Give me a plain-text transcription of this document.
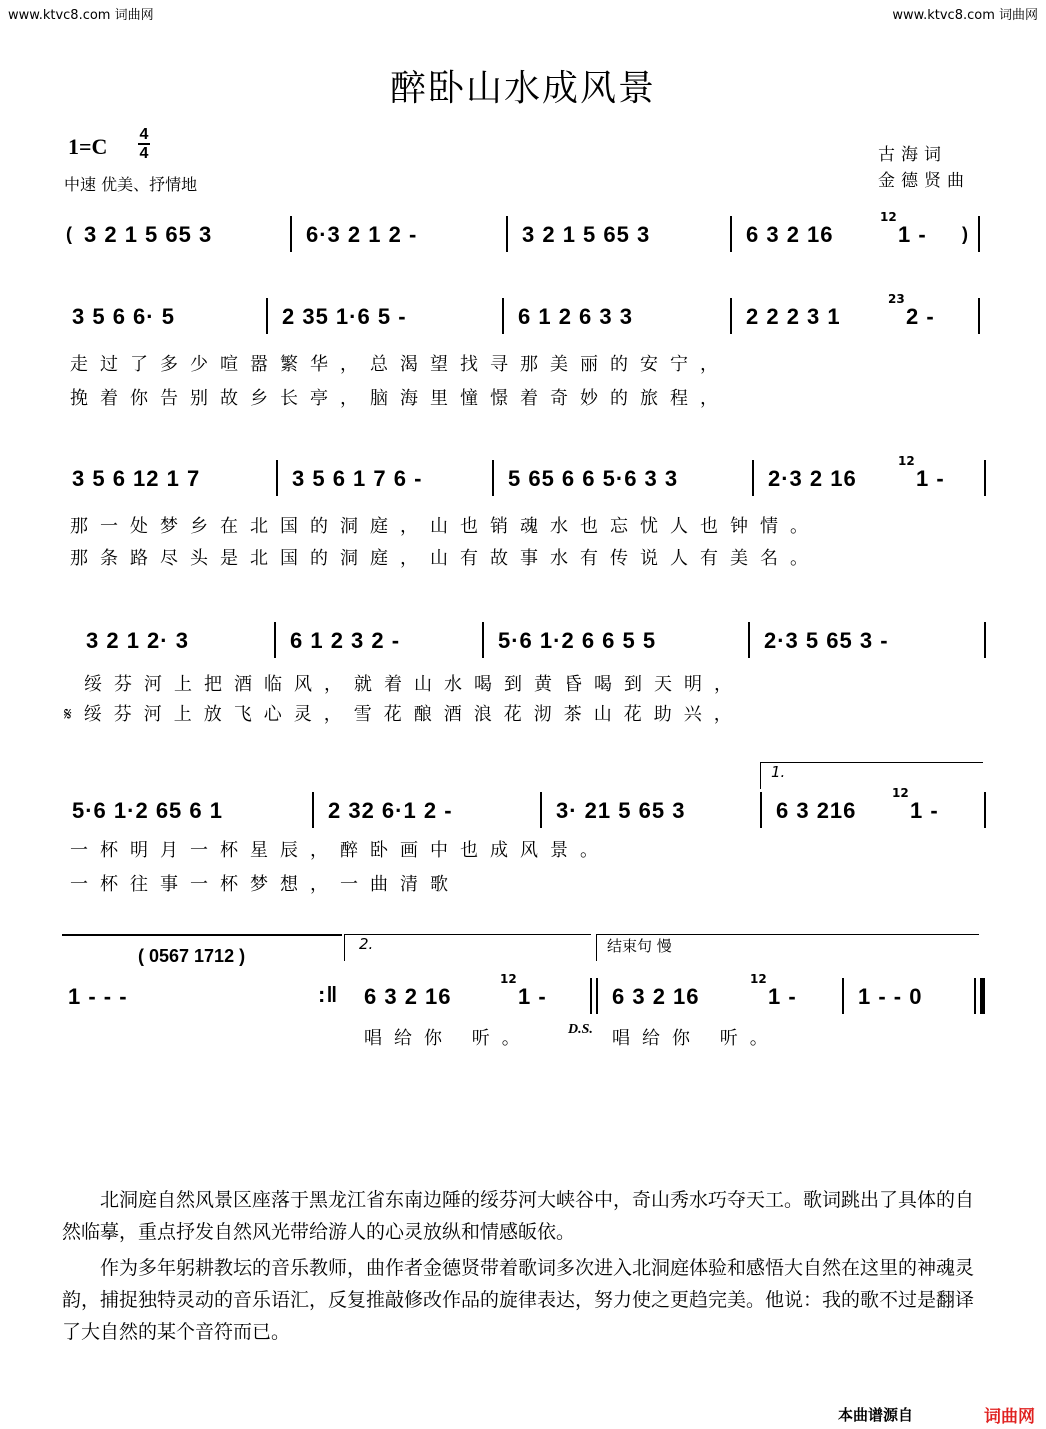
www.ktvc8.com 词曲网	www.ktvc8.com 词曲网
醉卧山水成风景
1=C 4
4
中速 优美、抒情地
古海词
金德贤曲
( 3 2 1 5 65 3	6·3 2 1 2 -	3 2 1 5 65 3	6 3 2 16
12
1 - )
3 5 6 6· 5	2 35 1·6 5 -	6 1 2 6 3 3	2 2 2 3 1
23
2 -
走过了多少喧嚣繁华，总渴望找寻那美丽的安宁，
挽着你告别故乡长亭，脑海里憧憬着奇妙的旅程，
3 5 6 12 1 7	3 5 6 1 7 6 -	5 65 6 6 5·6 3 3	2·3 2 16
12
1 -
那一处梦乡在北国的洞庭，山也销魂水也忘忧人也钟情。
那条路尽头是北国的洞庭，山有故事水有传说人有美名。
3 2 1 2· 3	6 1 2 3 2 -	5·6 1·2 6 6 5 5	2·3 5 65 3 -
绥芬河上把酒临风，就着山水喝到黄昏喝到天明，
𝄋绥芬河上放飞心灵，雪花酿酒浪花沏茶山花助兴，
1.
5·6 1·2 65 6 1	2 32 6·1 2 -	3· 21 5 65 3	6 3 216
12
1 -
一杯明月一杯星辰，醉卧画中也成风景。
一杯往事一杯梦想，一曲清歌
( 0567 1712 )
2.	结束句 慢
1 - - -	:‖ 6 3 2 16
12
1 -	6 3 2 16
12
1 -	1 - - 0
唱给你 听。	D.S. 唱给你 听。
北洞庭自然风景区座落于黑龙江省东南边陲的绥芬河大峡谷中，奇山秀水巧夺天工。歌词跳出了具体的自然临摹，重点抒发自然风光带给游人的心灵放纵和情感皈依。
作为多年躬耕教坛的音乐教师，曲作者金德贤带着歌词多次进入北洞庭体验和感悟大自然在这里的神魂灵韵，捕捉独特灵动的音乐语汇，反复推敲修改作品的旋律表达，努力使之更趋完美。他说：我的歌不过是翻译了大自然的某个音符而已。
本曲谱源自	词曲网
